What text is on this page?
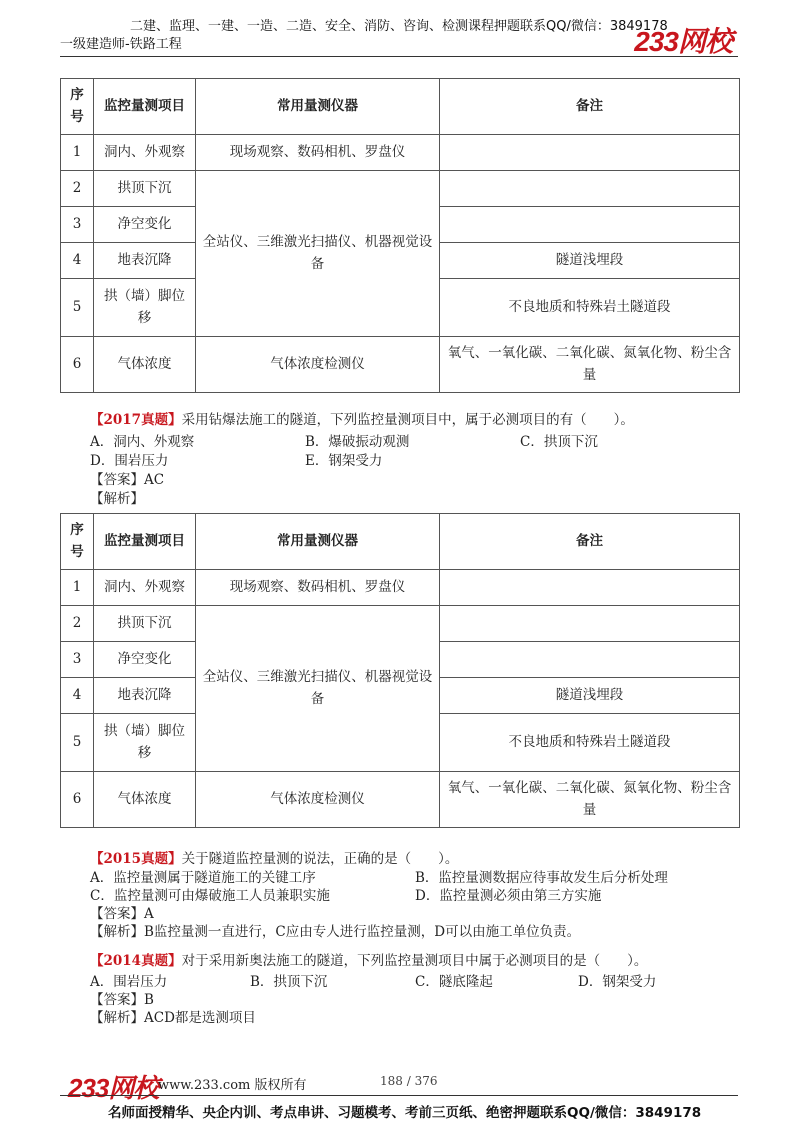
二建、监理、一建、一造、二造、安全、消防、咨询、检测课程押题联系QQ/微信：3849178
一级建造师-铁路工程	233网校
序号	监控量测项目	常用量测仪器	备注
1	洞内、外观察	现场观察、数码相机、罗盘仪	
2	拱顶下沉	全站仪、三维激光扫描仪、机器视觉设备	
3	净空变化		
4	地表沉降		隧道浅埋段
5	拱（墙）脚位移		不良地质和特殊岩土隧道段
6	气体浓度	气体浓度检测仪	氧气、一氧化碳、二氧化碳、氮氧化物、粉尘含量
【2017真题】采用钻爆法施工的隧道，下列监控量测项目中，属于必测项目的有（　　）。
A．洞内、外观察	B．爆破振动观测	C．拱顶下沉
D．围岩压力	E．钢架受力
【答案】AC
【解析】
序号	监控量测项目	常用量测仪器	备注
1	洞内、外观察	现场观察、数码相机、罗盘仪	
2	拱顶下沉	全站仪、三维激光扫描仪、机器视觉设备	
3	净空变化		
4	地表沉降		隧道浅埋段
5	拱（墙）脚位移		不良地质和特殊岩土隧道段
6	气体浓度	气体浓度检测仪	氧气、一氧化碳、二氧化碳、氮氧化物、粉尘含量
【2015真题】关于隧道监控量测的说法，正确的是（　　）。
A．监控量测属于隧道施工的关键工序	B．监控量测数据应待事故发生后分析处理
C．监控量测可由爆破施工人员兼职实施	D．监控量测必须由第三方实施
【答案】A
【解析】B监控量测一直进行，C应由专人进行监控量测，D可以由施工单位负责。
【2014真题】对于采用新奥法施工的隧道，下列监控量测项目中属于必测项目的是（　　）。
A．围岩压力	B．拱顶下沉	C．隧底隆起	D．钢架受力
【答案】B
【解析】ACD都是选测项目
233网校 www.233.com 版权所有	188 / 376
名师面授精华、央企内训、考点串讲、习题模考、考前三页纸、绝密押题联系QQ/微信：3849178
